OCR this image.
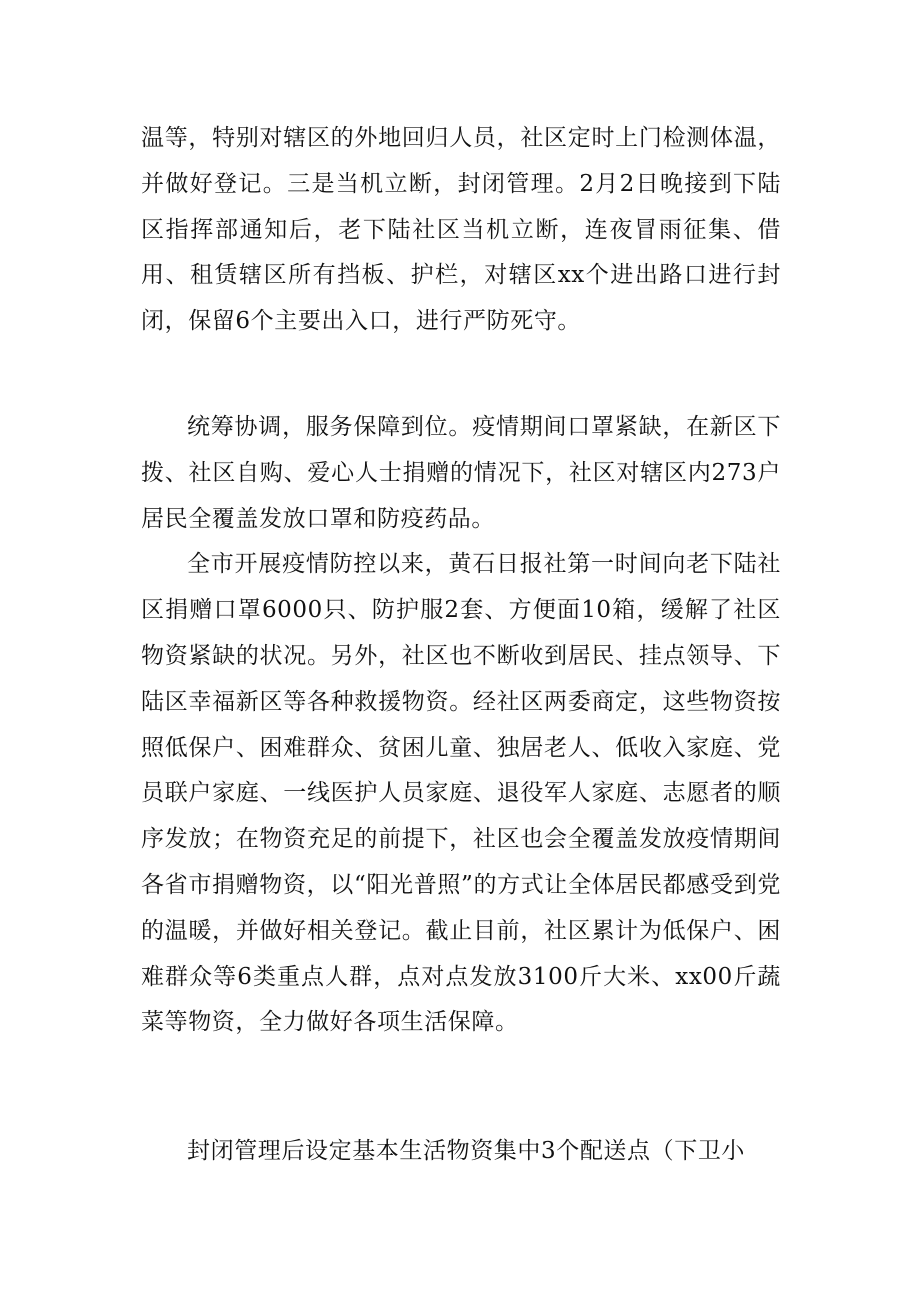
温等，特别对辖区的外地回归人员，社区定时上门检测体温，并做好登记。三是当机立断，封闭管理。2月2日晚接到下陆区指挥部通知后，老下陆社区当机立断，连夜冒雨征集、借用、租赁辖区所有挡板、护栏，对辖区xx个进出路口进行封闭，保留6个主要出入口，进行严防死守。

统筹协调，服务保障到位。疫情期间口罩紧缺，在新区下拨、社区自购、爱心人士捐赠的情况下，社区对辖区内273户居民全覆盖发放口罩和防疫药品。

全市开展疫情防控以来，黄石日报社第一时间向老下陆社区捐赠口罩6000只、防护服2套、方便面10箱，缓解了社区物资紧缺的状况。另外，社区也不断收到居民、挂点领导、下陆区幸福新区等各种救援物资。经社区两委商定，这些物资按照低保户、困难群众、贫困儿童、独居老人、低收入家庭、党员联户家庭、一线医护人员家庭、退役军人家庭、志愿者的顺序发放；在物资充足的前提下，社区也会全覆盖发放疫情期间各省市捐赠物资，以“阳光普照”的方式让全体居民都感受到党的温暖，并做好相关登记。截止目前，社区累计为低保户、困难群众等6类重点人群，点对点发放3100斤大米、xx00斤蔬菜等物资，全力做好各项生活保障。

封闭管理后设定基本生活物资集中3个配送点（下卫小
